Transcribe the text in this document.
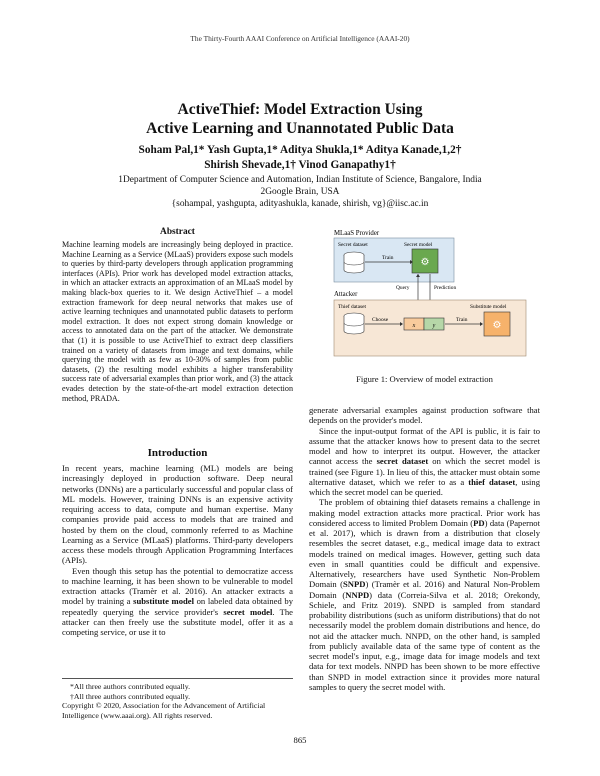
The Thirty-Fourth AAAI Conference on Artificial Intelligence (AAAI-20)
ActiveThief: Model Extraction Using
Active Learning and Unannotated Public Data
Soham Pal,1* Yash Gupta,1* Aditya Shukla,1* Aditya Kanade,1,2†
Shirish Shevade,1† Vinod Ganapathy1†
1Department of Computer Science and Automation, Indian Institute of Science, Bangalore, India
2Google Brain, USA
{sohampal, yashgupta, adityashukla, kanade, shirish, vg}@iisc.ac.in
Abstract

Machine learning models are increasingly being deployed in practice. Machine Learning as a Service (MLaaS) providers expose such models to queries by third-party developers through application programming interfaces (APIs). Prior work has developed model extraction attacks, in which an attacker extracts an approximation of an MLaaS model by making black-box queries to it. We design ActiveThief – a model extraction framework for deep neural networks that makes use of active learning techniques and unannotated public datasets to perform model extraction. It does not expect strong domain knowledge or access to annotated data on the part of the attacker. We demonstrate that (1) it is possible to use ActiveThief to extract deep classifiers trained on a variety of datasets from image and text domains, while querying the model with as few as 10-30% of samples from public datasets, (2) the resulting model exhibits a higher transferability success rate of adversarial examples than prior work, and (3) the attack evades detection by the state-of-the-art model extraction detection method, PRADA.

Introduction

In recent years, machine learning (ML) models are being increasingly deployed in production software. Deep neural networks (DNNs) are a particularly successful and popular class of ML models. However, training DNNs is an expensive activity requiring access to data, compute and human expertise. Many companies provide paid access to models that are trained and hosted by them on the cloud, commonly referred to as Machine Learning as a Service (MLaaS) platforms. Third-party developers access these models through Application Programming Interfaces (APIs).

Even though this setup has the potential to democratize access to machine learning, it has been shown to be vulnerable to model extraction attacks (Tramèr et al. 2016). An attacker extracts a model by training a substitute model on labeled data obtained by repeatedly querying the service provider's secret model. The attacker can then freely use the substitute model, offer it as a competing service, or use it to

*All three authors contributed equally.
†All three authors contributed equally.
Copyright © 2020, Association for the Advancement of Artificial Intelligence (www.aaai.org). All rights reserved.
MLaaS Provider
Secret dataset	Secret model
⚙
Train
Query	Prediction
Attacker
Thief dataset
Choose
x	y
Train
Substitute model
⚙
Figure 1: Overview of model extraction

generate adversarial examples against production software that depends on the provider's model.

Since the input-output format of the API is public, it is fair to assume that the attacker knows how to present data to the secret model and how to interpret its output. However, the attacker cannot access the secret dataset on which the secret model is trained (see Figure 1). In lieu of this, the attacker must obtain some alternative dataset, which we refer to as a thief dataset, using which the secret model can be queried.

The problem of obtaining thief datasets remains a challenge in making model extraction attacks more practical. Prior work has considered access to limited Problem Domain (PD) data (Papernot et al. 2017), which is drawn from a distribution that closely resembles the secret dataset, e.g., medical image data to extract models trained on medical images. However, getting such data even in small quantities could be difficult and expensive. Alternatively, researchers have used Synthetic Non-Problem Domain (SNPD) (Tramèr et al. 2016) and Natural Non-Problem Domain (NNPD) data (Correia-Silva et al. 2018; Orekondy, Schiele, and Fritz 2019). SNPD is sampled from standard probability distributions (such as uniform distributions) that do not necessarily model the problem domain distributions and hence, do not aid the attacker much. NNPD, on the other hand, is sampled from publicly available data of the same type of content as the secret model's input, e.g., image data for image models and text data for text models. NNPD has been shown to be more effective than SNPD in model extraction since it provides more natural samples to query the secret model with.

865
